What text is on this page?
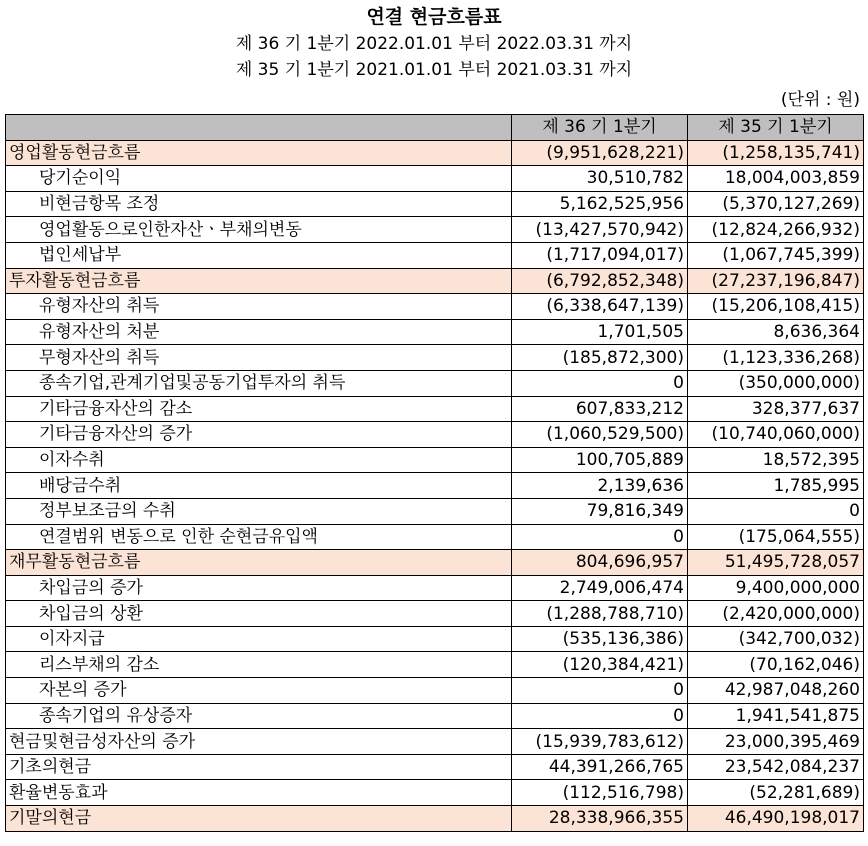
연결 현금흐름표
제 36 기 1분기 2022.01.01 부터 2022.03.31 까지
제 35 기 1분기 2021.01.01 부터 2021.03.31 까지
(단위 : 원)
	제 36 기 1분기	제 35 기 1분기
영업활동현금흐름	(9,951,628,221)	(1,258,135,741)
당기순이익	30,510,782	18,004,003,859
비현금항목 조정	5,162,525,956	(5,370,127,269)
영업활동으로인한자산ㆍ부채의변동	(13,427,570,942)	(12,824,266,932)
법인세납부	(1,717,094,017)	(1,067,745,399)
투자활동현금흐름	(6,792,852,348)	(27,237,196,847)
유형자산의 취득	(6,338,647,139)	(15,206,108,415)
유형자산의 처분	1,701,505	8,636,364
무형자산의 취득	(185,872,300)	(1,123,336,268)
종속기업,관계기업및공동기업투자의 취득	0	(350,000,000)
기타금융자산의 감소	607,833,212	328,377,637
기타금융자산의 증가	(1,060,529,500)	(10,740,060,000)
이자수취	100,705,889	18,572,395
배당금수취	2,139,636	1,785,995
정부보조금의 수취	79,816,349	0
연결범위 변동으로 인한 순현금유입액	0	(175,064,555)
재무활동현금흐름	804,696,957	51,495,728,057
차입금의 증가	2,749,006,474	9,400,000,000
차입금의 상환	(1,288,788,710)	(2,420,000,000)
이자지급	(535,136,386)	(342,700,032)
리스부채의 감소	(120,384,421)	(70,162,046)
자본의 증가	0	42,987,048,260
종속기업의 유상증자	0	1,941,541,875
현금및현금성자산의 증가	(15,939,783,612)	23,000,395,469
기초의현금	44,391,266,765	23,542,084,237
환율변동효과	(112,516,798)	(52,281,689)
기말의현금	28,338,966,355	46,490,198,017
